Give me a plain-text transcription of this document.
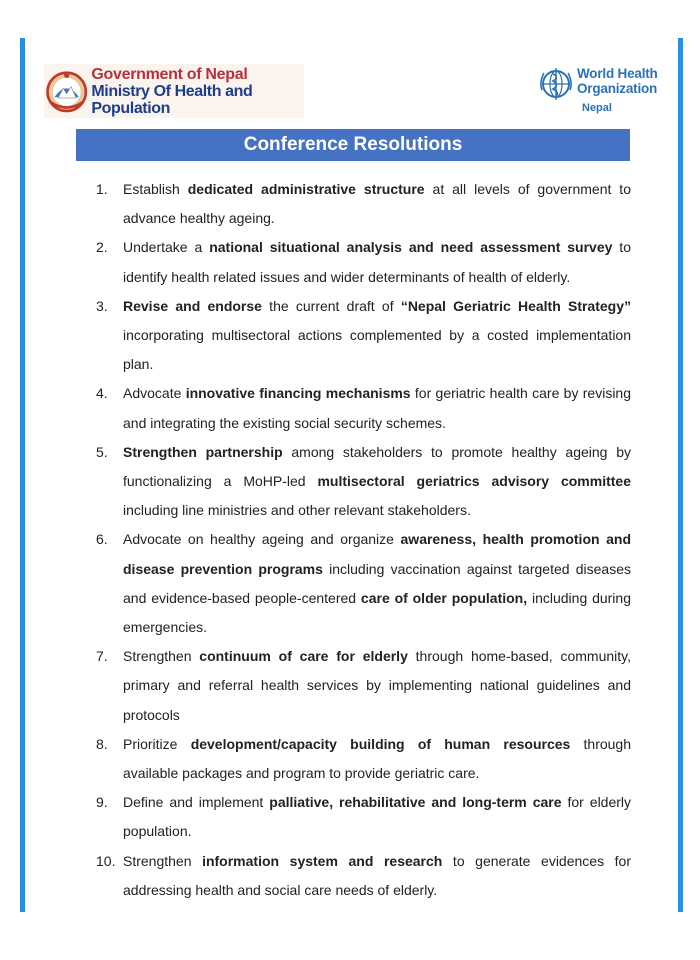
Government of Nepal
Ministry Of Health and Population
World Health
Organization
Nepal
Conference Resolutions
1. Establish dedicated administrative structure at all levels of government to
advance healthy ageing.
2. Undertake a national situational analysis and need assessment survey to
identify health related issues and wider determinants of health of elderly.
3. Revise and endorse the current draft of “Nepal Geriatric Health Strategy”
incorporating multisectoral actions complemented by a costed implementation
plan.
4. Advocate innovative financing mechanisms for geriatric health care by revising
and integrating the existing social security schemes.
5. Strengthen partnership among stakeholders to promote healthy ageing by
functionalizing a MoHP-led multisectoral geriatrics advisory committee
including line ministries and other relevant stakeholders.
6. Advocate on healthy ageing and organize awareness, health promotion and
disease prevention programs including vaccination against targeted diseases
and evidence-based people-centered care of older population, including during
emergencies.
7. Strengthen continuum of care for elderly through home-based, community,
primary and referral health services by implementing national guidelines and
protocols
8. Prioritize development/capacity building of human resources through
available packages and program to provide geriatric care.
9. Define and implement palliative, rehabilitative and long-term care for elderly
population.
10. Strengthen information system and research to generate evidences for
addressing health and social care needs of elderly.
